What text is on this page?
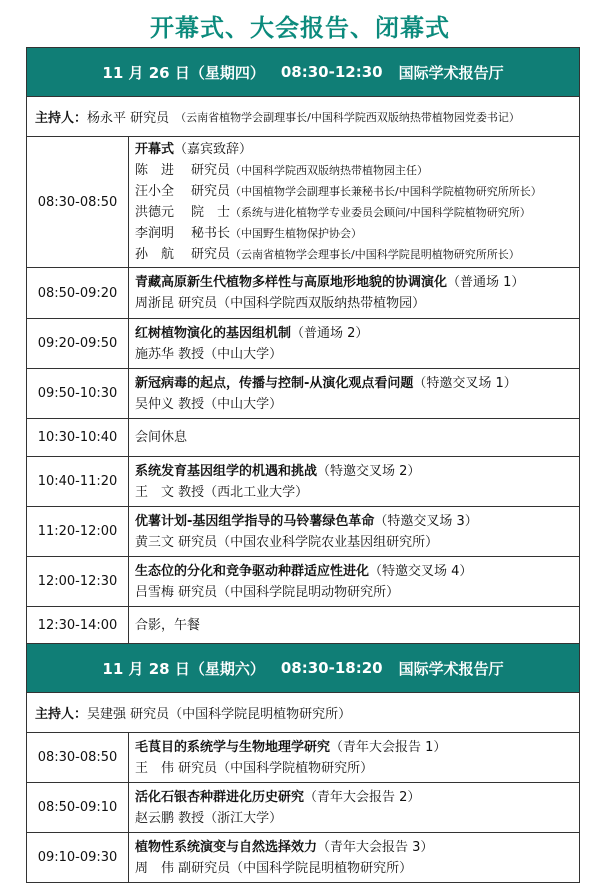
开幕式、大会报告、闭幕式
11 月 26 日（星期四） 08:30-12:30 国际学术报告厅
主持人： 杨永平 研究员 （云南省植物学会副理事长/中国科学院西双版纳热带植物园党委书记）
08:30-08:50
开幕式（嘉宾致辞）
陈　进 研究员（中国科学院西双版纳热带植物园主任）
汪小全 研究员（中国植物学会副理事长兼秘书长/中国科学院植物研究所所长）
洪德元 院　士（系统与进化植物学专业委员会顾问/中国科学院植物研究所）
李润明 秘书长（中国野生植物保护协会）
孙　航 研究员（云南省植物学会理事长/中国科学院昆明植物研究所所长）
08:50-09:20
青藏高原新生代植物多样性与高原地形地貌的协调演化（普通场 1）
周浙昆 研究员（中国科学院西双版纳热带植物园）
09:20-09:50
红树植物演化的基因组机制（普通场 2）
施苏华 教授（中山大学）
09:50-10:30
新冠病毒的起点，传播与控制-从演化观点看问题（特邀交叉场 1）
吴仲义 教授（中山大学）
10:30-10:40	会间休息
10:40-11:20
系统发育基因组学的机遇和挑战（特邀交叉场 2）
王　文 教授（西北工业大学）
11:20-12:00
优薯计划-基因组学指导的马铃薯绿色革命（特邀交叉场 3）
黄三文 研究员（中国农业科学院农业基因组研究所）
12:00-12:30
生态位的分化和竞争驱动种群适应性进化（特邀交叉场 4）
吕雪梅 研究员（中国科学院昆明动物研究所）
12:30-14:00	合影，午餐
11 月 28 日（星期六） 08:30-18:20 国际学术报告厅
主持人： 吴建强 研究员（中国科学院昆明植物研究所）
08:30-08:50
毛茛目的系统学与生物地理学研究（青年大会报告 1）
王　伟 研究员（中国科学院植物研究所）
08:50-09:10
活化石银杏种群进化历史研究（青年大会报告 2）
赵云鹏 教授（浙江大学）
09:10-09:30
植物性系统演变与自然选择效力（青年大会报告 3）
周　伟 副研究员（中国科学院昆明植物研究所）
